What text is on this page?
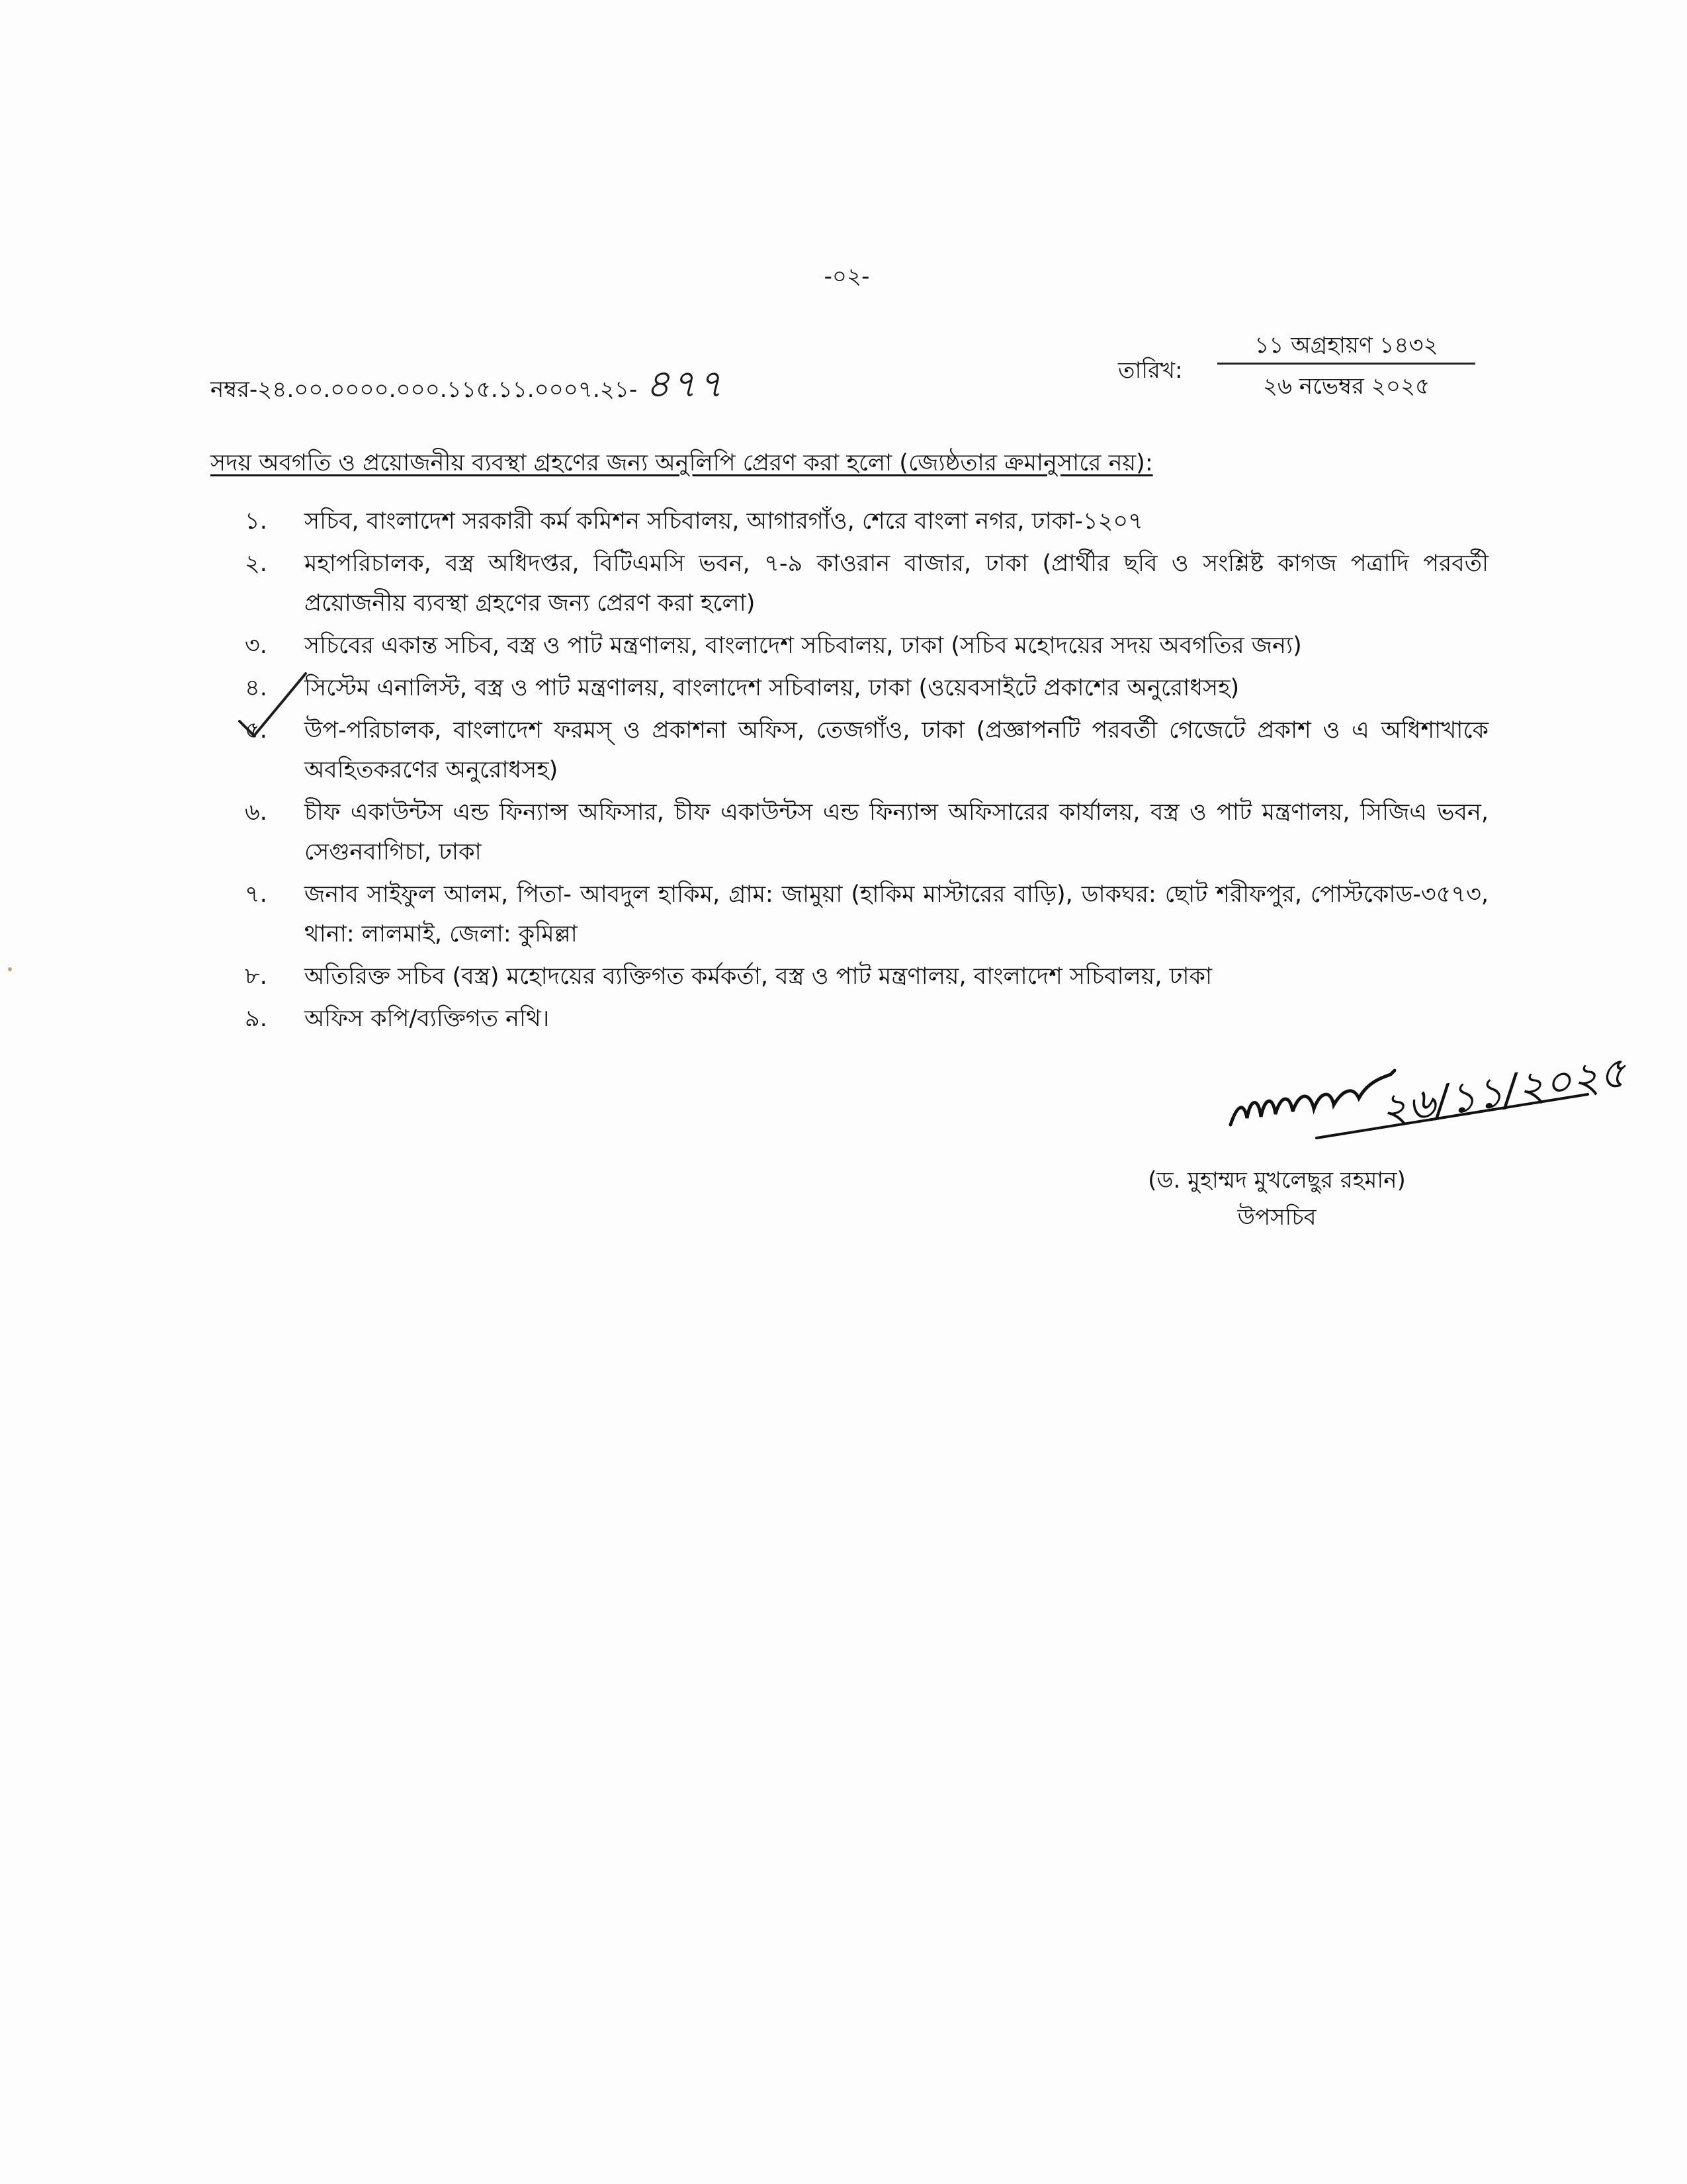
-০২-
নম্বর-২৪.০০.০০০০.০০০.১১৫.১১.০০০৭.২১- ৪৭৭	তারিখ:
১১ অগ্রহায়ণ ১৪৩২
২৬ নভেম্বর ২০২৫
সদয় অবগতি ও প্রয়োজনীয় ব্যবস্থা গ্রহণের জন্য অনুলিপি প্রেরণ করা হলো (জ্যেষ্ঠতার ক্রমানুসারে নয়):
১.	সচিব, বাংলাদেশ সরকারী কর্ম কমিশন সচিবালয়, আগারগাঁও, শেরে বাংলা নগর, ঢাকা-১২০৭
২.	মহাপরিচালক, বস্ত্র অধিদপ্তর, বিটিএমসি ভবন, ৭-৯ কাওরান বাজার, ঢাকা (প্রার্থীর ছবি ও সংশ্লিষ্ট কাগজ পত্রাদি পরবর্তী প্রয়োজনীয় ব্যবস্থা গ্রহণের জন্য প্রেরণ করা হলো)
৩.	সচিবের একান্ত সচিব, বস্ত্র ও পাট মন্ত্রণালয়, বাংলাদেশ সচিবালয়, ঢাকা (সচিব মহোদয়ের সদয় অবগতির জন্য)
৪.	সিস্টেম এনালিস্ট, বস্ত্র ও পাট মন্ত্রণালয়, বাংলাদেশ সচিবালয়, ঢাকা (ওয়েবসাইটে প্রকাশের অনুরোধসহ)
৫.	উপ-পরিচালক, বাংলাদেশ ফরমস্ ও প্রকাশনা অফিস, তেজগাঁও, ঢাকা (প্রজ্ঞাপনটি পরবর্তী গেজেটে প্রকাশ ও এ অধিশাখাকে অবহিতকরণের অনুরোধসহ)
৬.	চীফ একাউন্টস এন্ড ফিন্যান্স অফিসার, চীফ একাউন্টস এন্ড ফিন্যান্স অফিসারের কার্যালয়, বস্ত্র ও পাট মন্ত্রণালয়, সিজিএ ভবন, সেগুনবাগিচা, ঢাকা
৭.	জনাব সাইফুল আলম, পিতা- আবদুল হাকিম, গ্রাম: জামুয়া (হাকিম মাস্টারের বাড়ি), ডাকঘর: ছোট শরীফপুর, পোস্টকোড-৩৫৭৩, থানা: লালমাই, জেলা: কুমিল্লা
৮.	অতিরিক্ত সচিব (বস্ত্র) মহোদয়ের ব্যক্তিগত কর্মকর্তা, বস্ত্র ও পাট মন্ত্রণালয়, বাংলাদেশ সচিবালয়, ঢাকা
৯.	অফিস কপি/ব্যক্তিগত নথি।
২৬/১১/২০২৫
(ড. মুহাম্মদ মুখলেছুর রহমান)
উপসচিব
